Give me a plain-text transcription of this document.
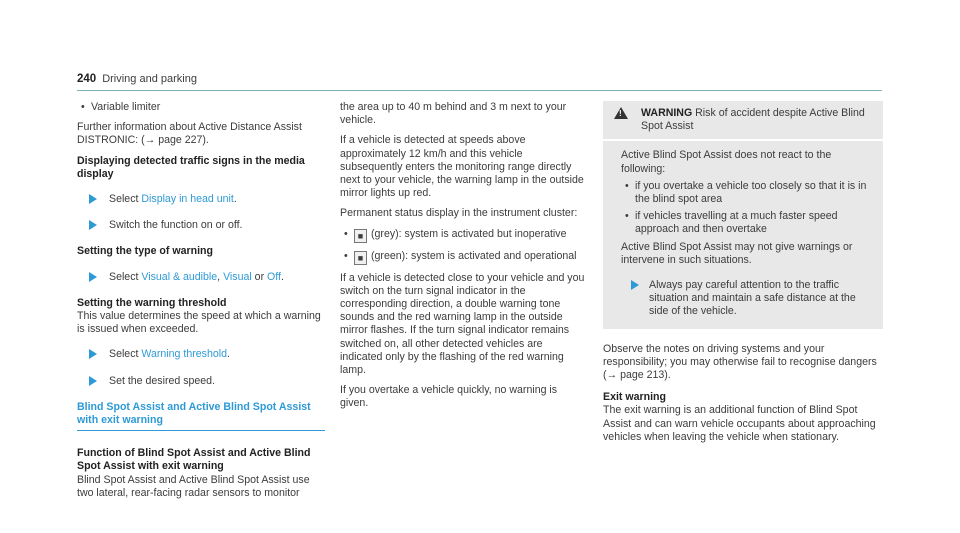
240 Driving and parking
• Variable limiter

Further information about Active Distance Assist DISTRONIC: (→ page 227).

Displaying detected traffic signs in the media display

Select Display in head unit.
Switch the function on or off.

Setting the type of warning

Select Visual & audible, Visual or Off.

Setting the warning threshold

This value determines the speed at which a warning is issued when exceeded.

Select Warning threshold.
Set the desired speed.
Blind Spot Assist and Active Blind Spot Assist with exit warning

Function of Blind Spot Assist and Active Blind Spot Assist with exit warning

Blind Spot Assist and Active Blind Spot Assist use two lateral, rear-facing radar sensors to monitor

the area up to 40 m behind and 3 m next to your vehicle.

If a vehicle is detected at speeds above approximately 12 km/h and this vehicle subsequently enters the monitoring range directly next to your vehicle, the warning lamp in the outside mirror lights up red.

Permanent status display in the instrument cluster:

• ■ (grey): system is activated but inoperative
• ■ (green): system is activated and operational

If a vehicle is detected close to your vehicle and you switch on the turn signal indicator in the corresponding direction, a double warning tone sounds and the red warning lamp in the outside mirror flashes. If the turn signal indicator remains switched on, all other detected vehicles are indicated only by the flashing of the red warning lamp.

If you overtake a vehicle quickly, no warning is given.

! WARNING Risk of accident despite Active Blind Spot Assist

Active Blind Spot Assist does not react to the following:

• if you overtake a vehicle too closely so that it is in the blind spot area
• if vehicles travelling at a much faster speed approach and then overtake

Active Blind Spot Assist may not give warnings or intervene in such situations.

Always pay careful attention to the traffic situation and maintain a safe distance at the side of the vehicle.

Observe the notes on driving systems and your responsibility; you may otherwise fail to recognise dangers (→ page 213).

Exit warning

The exit warning is an additional function of Blind Spot Assist and can warn vehicle occupants about approaching vehicles when leaving the vehicle when stationary.
